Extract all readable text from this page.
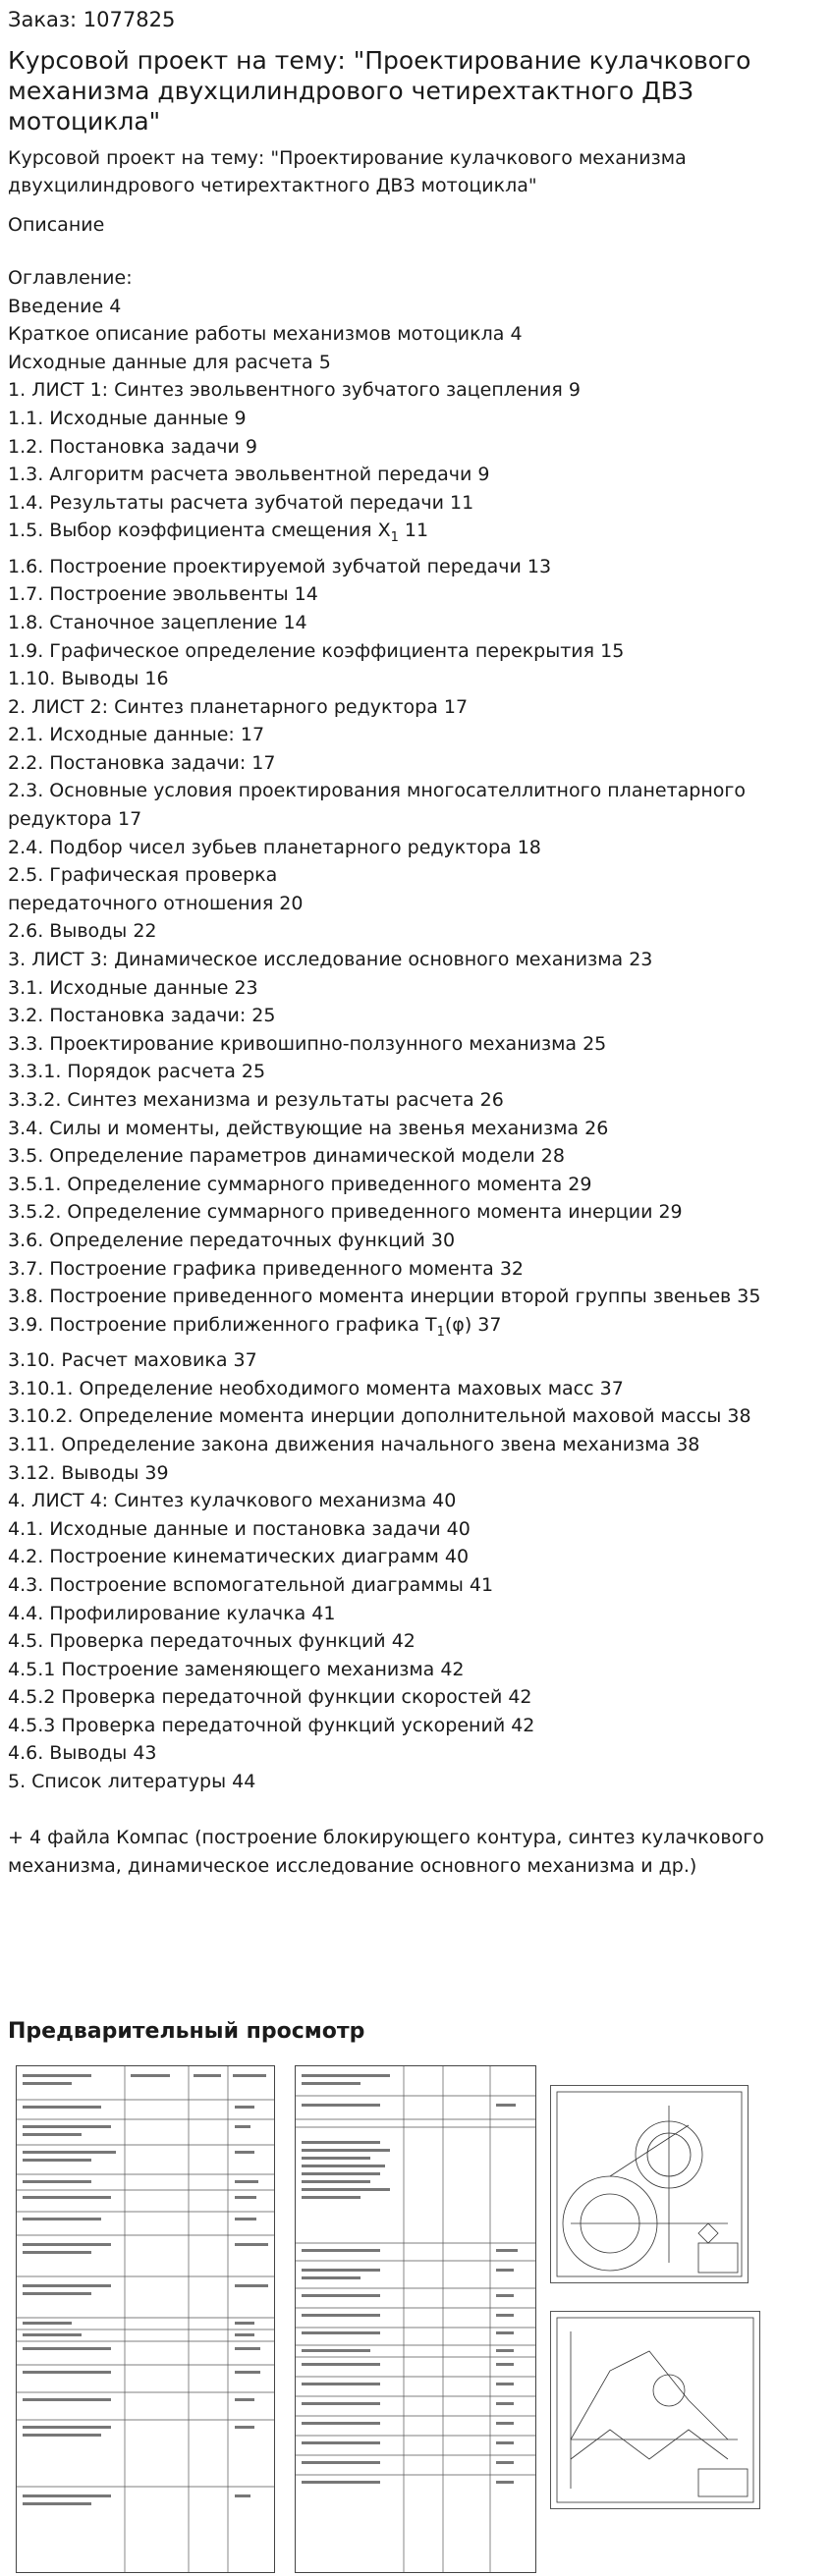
Заказ: 1077825
Курсовой проект на тему: "Проектирование кулачкового механизма двухцилиндрового четирехтактного ДВЗ мотоцикла"
Курсовой проект на тему: "Проектирование кулачкового механизма двухцилиндрового четирехтактного ДВЗ мотоцикла"
Описание
Оглавление:
Введение 4
Краткое описание работы механизмов мотоцикла 4
Исходные данные для расчета 5
1. ЛИСТ 1: Синтез эвольвентного зубчатого зацепления 9
1.1. Исходные данные 9
1.2. Постановка задачи 9
1.3. Алгоритм расчета эвольвентной передачи 9
1.4. Результаты расчета зубчатой передачи 11
1.5. Выбор коэффициента смещения $X_1$ 11
1.6. Построение проектируемой зубчатой передачи 13
1.7. Построение эвольвенты 14
1.8. Станочное зацепление 14
1.9. Графическое определение коэффициента перекрытия 15
1.10. Выводы 16
2. ЛИСТ 2: Синтез планетарного редуктора 17
2.1. Исходные данные: 17
2.2. Постановка задачи: 17
2.3. Основные условия проектирования многосателлитного планетарного редуктора 17
2.4. Подбор чисел зубьев планетарного редуктора 18
2.5. Графическая проверка
передаточного отношения 20
2.6. Выводы 22
3. ЛИСТ 3: Динамическое исследование основного механизма 23
3.1. Исходные данные 23
3.2. Постановка задачи: 25
3.3. Проектирование кривошипно-ползунного механизма 25
3.3.1. Порядок расчета 25
3.3.2. Синтез механизма и результаты расчета 26
3.4. Силы и моменты, действующие на звенья механизма 26
3.5. Определение параметров динамической модели 28
3.5.1. Определение суммарного приведенного момента 29
3.5.2. Определение суммарного приведенного момента инерции 29
3.6. Определение передаточных функций 30
3.7. Построение графика приведенного момента 32
3.8. Построение приведенного момента инерции второй группы звеньев 35
3.9. Построение приближенного графика $T_1(\varphi)$ 37
3.10. Расчет маховика 37
3.10.1. Определение необходимого момента маховых масс 37
3.10.2. Определение момента инерции дополнительной маховой массы 38
3.11. Определение закона движения начального звена механизма 38
3.12. Выводы 39
4. ЛИСТ 4: Синтез кулачкового механизма 40
4.1. Исходные данные и постановка задачи 40
4.2. Построение кинематических диаграмм 40
4.3. Построение вспомогательной диаграммы 41
4.4. Профилирование кулачка 41
4.5. Проверка передаточных функций 42
4.5.1 Построение заменяющего механизма 42
4.5.2 Проверка передаточной функции скоростей 42
4.5.3 Проверка передаточной функций ускорений 42
4.6. Выводы 43
5. Список литературы 44
+ 4 файла Компас (построение блокирующего контура, синтез кулачкового механизма, динамическое исследование основного механизма и др.)
Предварительный просмотр
